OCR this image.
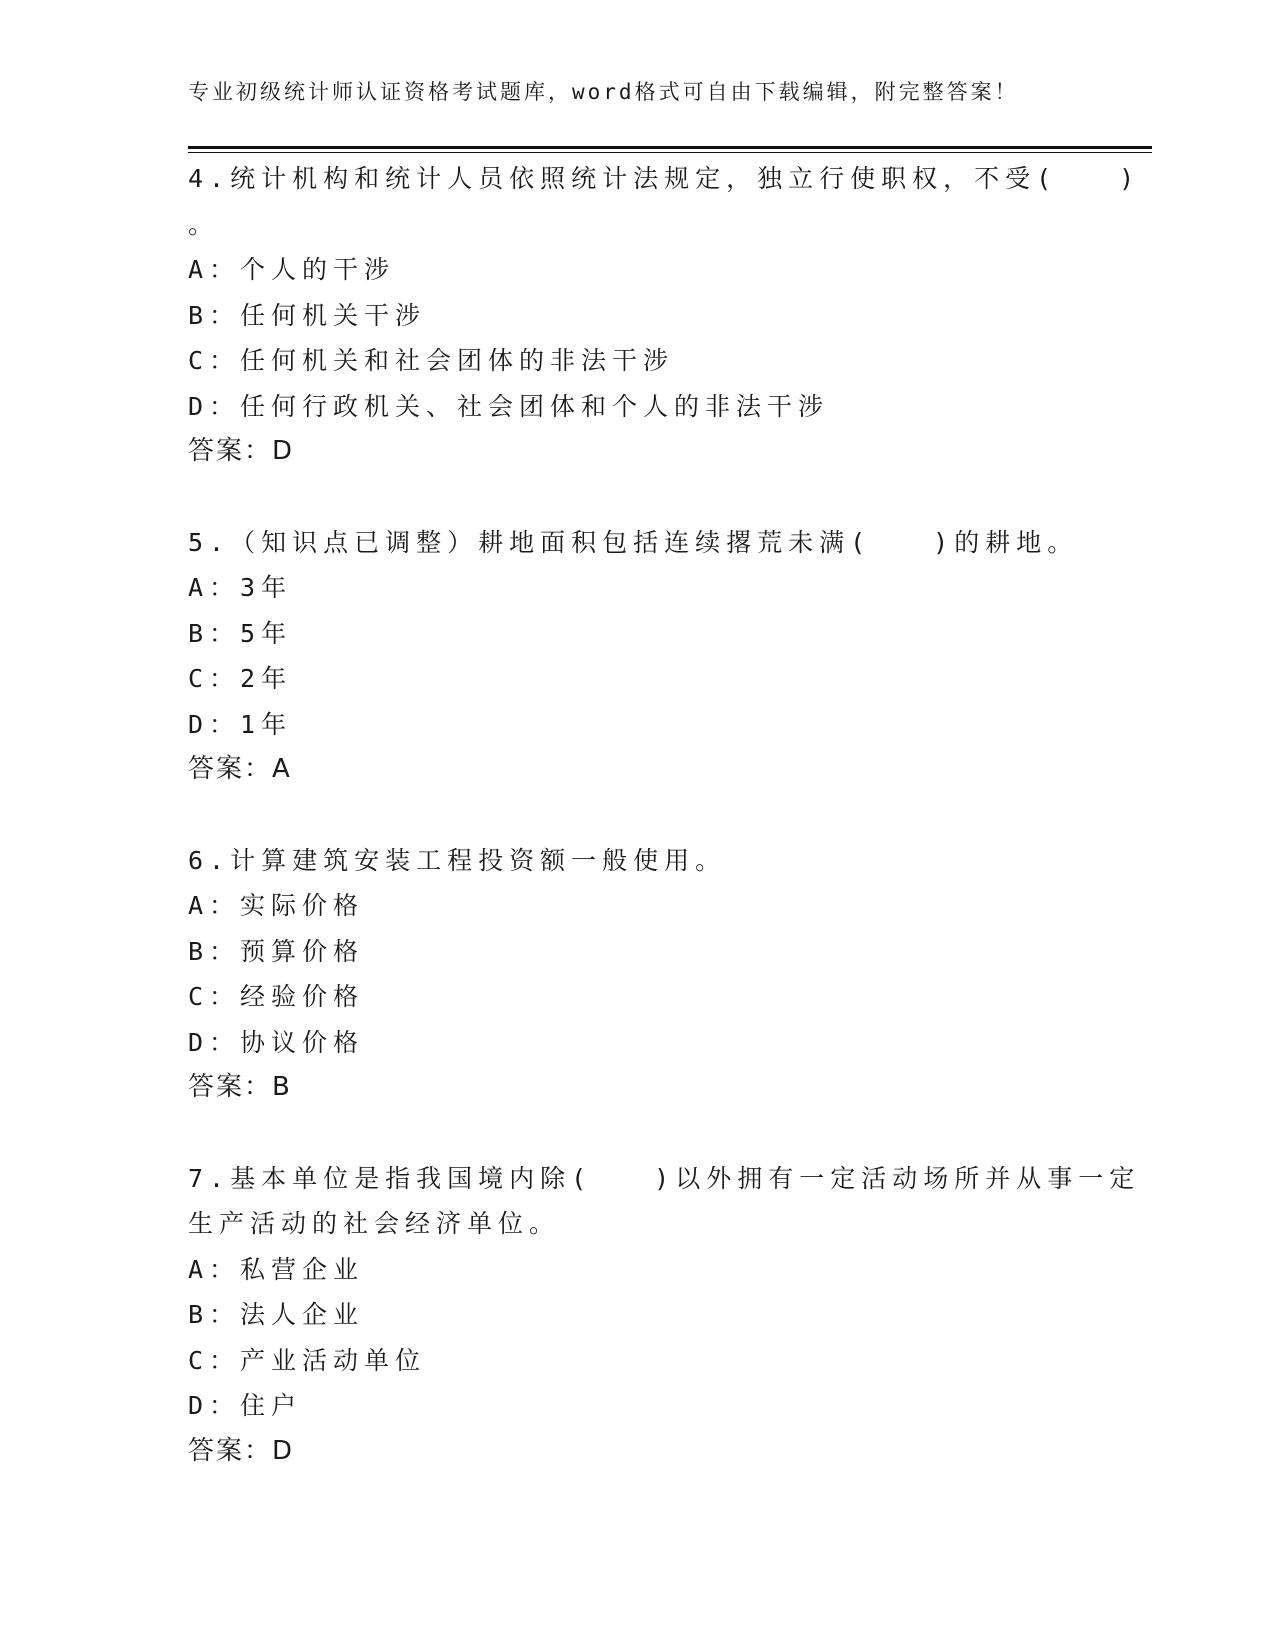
专业初级统计师认证资格考试题库，word格式可自由下载编辑，附完整答案！
4.统计机构和统计人员依照统计法规定，独立行使职权，不受(　　)
。
A：个人的干涉
B：任何机关干涉
C：任何机关和社会团体的非法干涉
D：任何行政机关、社会团体和个人的非法干涉
答案：D
5.（知识点已调整）耕地面积包括连续撂荒未满(　　)的耕地。
A：3年
B：5年
C：2年
D：1年
答案：A
6.计算建筑安装工程投资额一般使用。
A：实际价格
B：预算价格
C：经验价格
D：协议价格
答案：B
7.基本单位是指我国境内除(　　)以外拥有一定活动场所并从事一定
生产活动的社会经济单位。
A：私营企业
B：法人企业
C：产业活动单位
D：住户
答案：D
